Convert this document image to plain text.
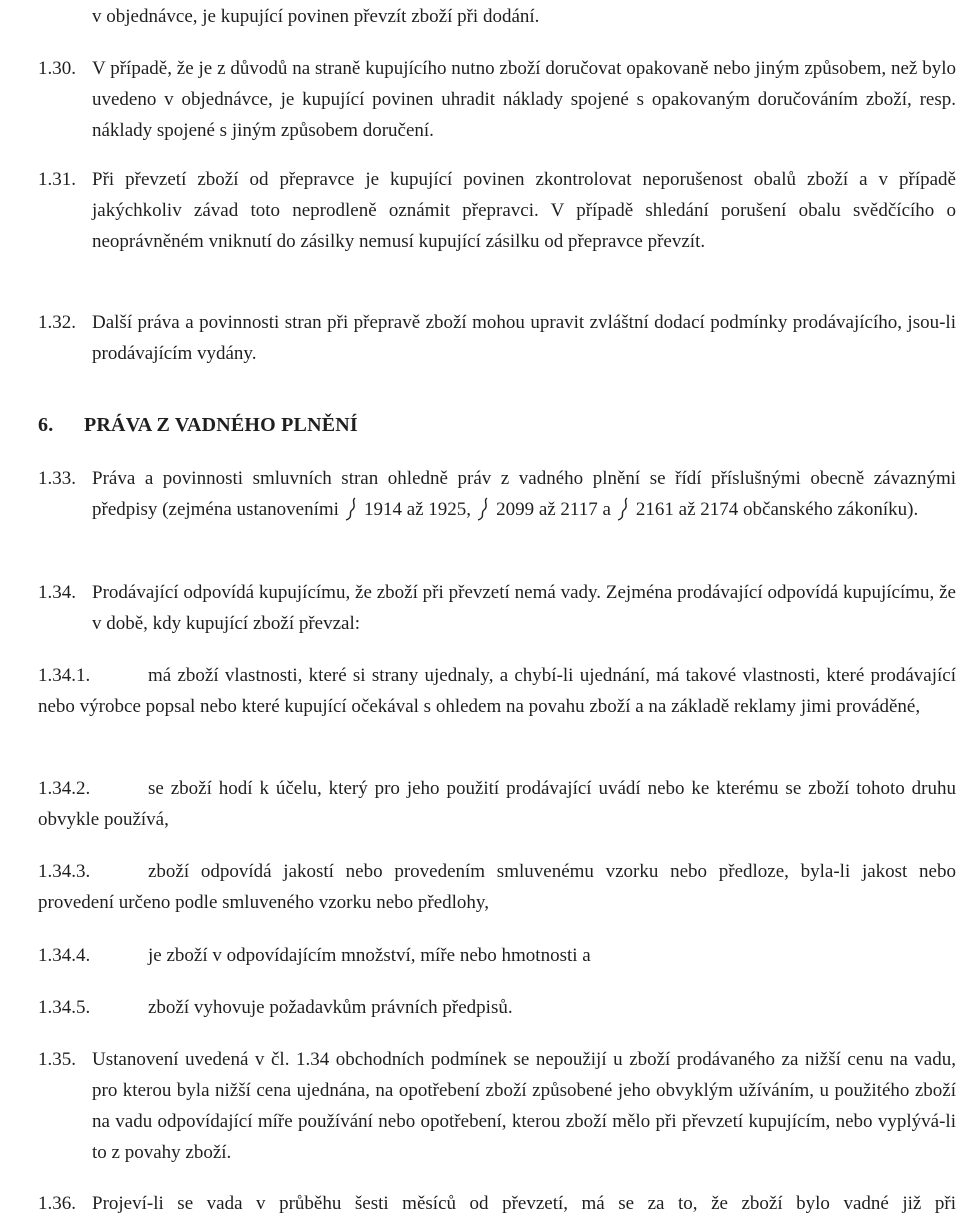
v objednávce, je kupující povinen převzít zboží při dodání.
1.30. V případě, že je z důvodů na straně kupujícího nutno zboží doručovat opakovaně nebo jiným způsobem, než bylo uvedeno v objednávce, je kupující povinen uhradit náklady spojené s opakovaným doručováním zboží, resp. náklady spojené s jiným způsobem doručení.
1.31. Při převzetí zboží od přepravce je kupující povinen zkontrolovat neporušenost obalů zboží a v případě jakýchkoliv závad toto neprodleně oznámit přepravci. V případě shledání porušení obalu svědčícího o neoprávněném vniknutí do zásilky nemusí kupující zásilku od přepravce převzít.
1.32. Další práva a povinnosti stran při přepravě zboží mohou upravit zvláštní dodací podmínky prodávajícího, jsou-li prodávajícím vydány.
6. PRÁVA Z VADNÉHO PLNĚNÍ
1.33. Práva a povinnosti smluvních stran ohledně práv z vadného plnění se řídí příslušnými obecně závaznými předpisy (zejména ustanoveními 1914 až 1925, 2099 až 2117 a 2161 až 2174 občanského zákoníku).
1.34. Prodávající odpovídá kupujícímu, že zboží při převzetí nemá vady. Zejména prodávající odpovídá kupujícímu, že v době, kdy kupující zboží převzal:
1.34.1.	má zboží vlastnosti, které si strany ujednaly, a chybí-li ujednání, má takové vlastnosti, které prodávající nebo výrobce popsal nebo které kupující očekával s ohledem na povahu zboží a na základě reklamy jimi prováděné,
1.34.2.	se zboží hodí k účelu, který pro jeho použití prodávající uvádí nebo ke kterému se zboží tohoto druhu obvykle používá,
1.34.3.	zboží odpovídá jakostí nebo provedením smluvenému vzorku nebo předloze, byla-li jakost nebo provedení určeno podle smluveného vzorku nebo předlohy,
1.34.4.	je zboží v odpovídajícím množství, míře nebo hmotnosti a
1.34.5.	zboží vyhovuje požadavkům právních předpisů.
1.35. Ustanovení uvedená v čl. 1.34 obchodních podmínek se nepoužijí u zboží prodávaného za nižší cenu na vadu, pro kterou byla nižší cena ujednána, na opotřebení zboží způsobené jeho obvyklým užíváním, u použitého zboží na vadu odpovídající míře používání nebo opotřebení, kterou zboží mělo při převzetí kupujícím, nebo vyplývá-li to z povahy zboží.
1.36. Projeví-li se vada v průběhu šesti měsíců od převzetí, má se za to, že zboží bylo vadné již při
